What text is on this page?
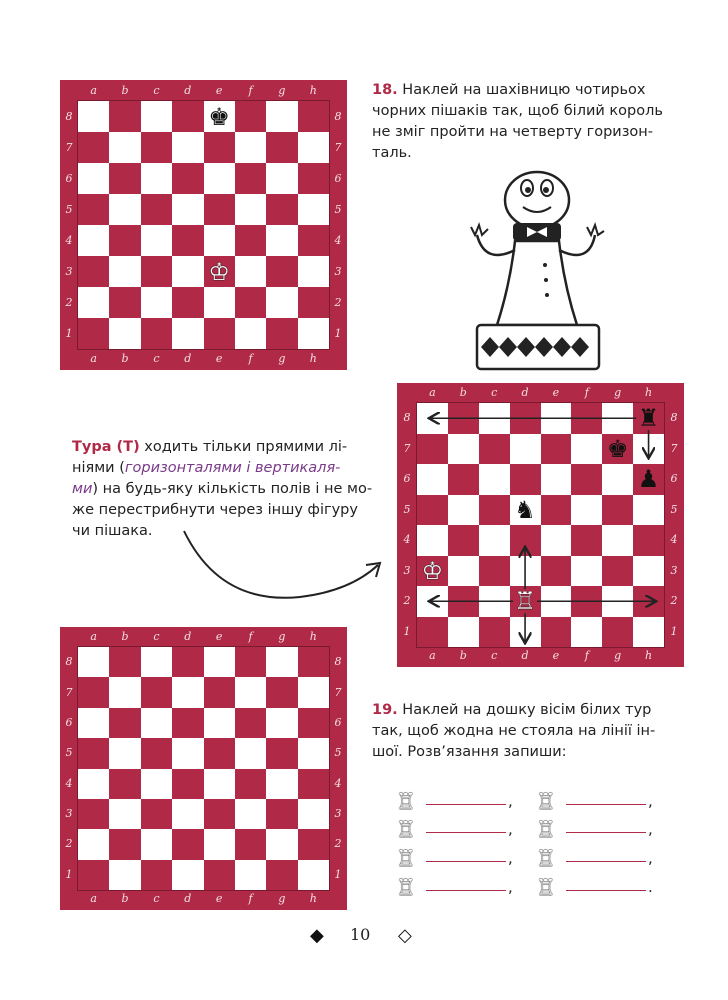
♚
♔
a
a
b
b
c
c
d
d
e
e
f
f
g
g
h
h
8	8
7	7
6	6
5	5
4	4
3	3
2	2
1	1
♜
♚
♟
♞
♔
♖
a
a
b
b
c
c
d
d
e
e
f
f
g
g
h
h
8	8
7	7
6	6
5	5
4	4
3	3
2	2
1	1
a
a
b
b
c
c
d
d
e
e
f
f
g
g
h
h
8	8
7	7
6	6
5	5
4	4
3	3
2	2
1	1
18. Наклей на шахівницю чотирьох
чорних пішаків так, щоб білий король
не зміг пройти на четверту горизон-
таль.
Тура (Т) ходить тільки прямими лі-
ніями (горизонталями і вертикаля-
ми) на будь-яку кількість полів і не мо-
же перестрибнути через іншу фігуру
чи пішака.
19. Наклей на дошку вісім білих тур
так, щоб жодна не стояла на лінії ін-
шої. Розв’язання запиши:
♖	, ♖	,
♖	, ♖	,
♖	, ♖	,
♖	, ♖	.
◆ 10 ◇
